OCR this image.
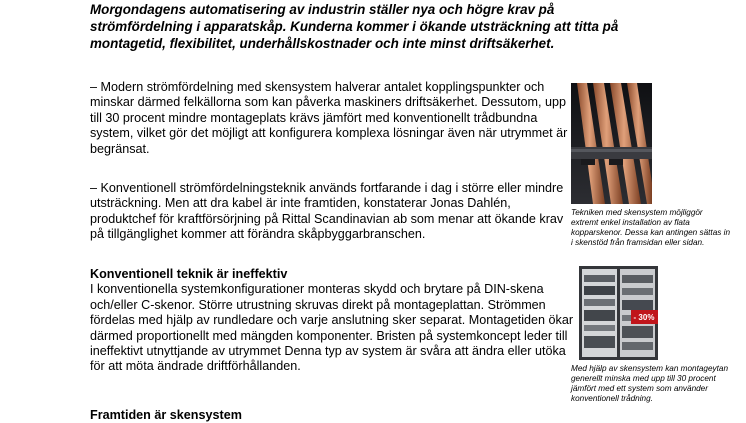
Morgondagens automatisering av industrin ställer nya och högre krav på strömfördelning i apparatskåp. Kunderna kommer i ökande utsträckning att titta på montagetid, flexibilitet, underhållskostnader och inte minst driftsäkerhet.

– Modern strömfördelning med skensystem halverar antalet kopplingspunkter och minskar därmed felkällorna som kan påverka maskiners driftsäkerhet. Dessutom, upp till 30 procent mindre montageplats krävs jämfört med konventionellt trådbundna system, vilket gör det möjligt att konfigurera komplexa lösningar även när utrymmet är begränsat.

– Konventionell strömfördelningsteknik används fortfarande i dag i större eller mindre utsträckning. Men att dra kabel är inte framtiden, konstaterar Jonas Dahlén, produktchef för kraftförsörjning på Rittal Scandinavian ab som menar att ökande krav på tillgänglighet kommer att förändra skåpbyggarbranschen.

Konventionell teknik är ineffektiv

I konventionella systemkonfigurationer monteras skydd och brytare på DIN-skena och/eller C-skenor. Större utrustning skruvas direkt på montageplattan. Strömmen fördelas med hjälp av rundledare och varje anslutning sker separat. Montagetiden ökar därmed proportionellt med mängden komponenter. Bristen på systemkoncept leder till ineffektivt utnyttjande av utrymmet Denna typ av system är svåra att ändra eller utöka för att möta ändrade driftförhållanden.

Framtiden är skensystem

Tekniken med skensystem möjliggör extremt enkel installation av flata kopparskenor. Dessa kan antingen sättas in i skenstöd från framsidan eller sidan.

- 30%

Med hjälp av skensystem kan montageytan generellt minska med upp till 30 procent jämfört med ett system som använder konventionell trådning.
